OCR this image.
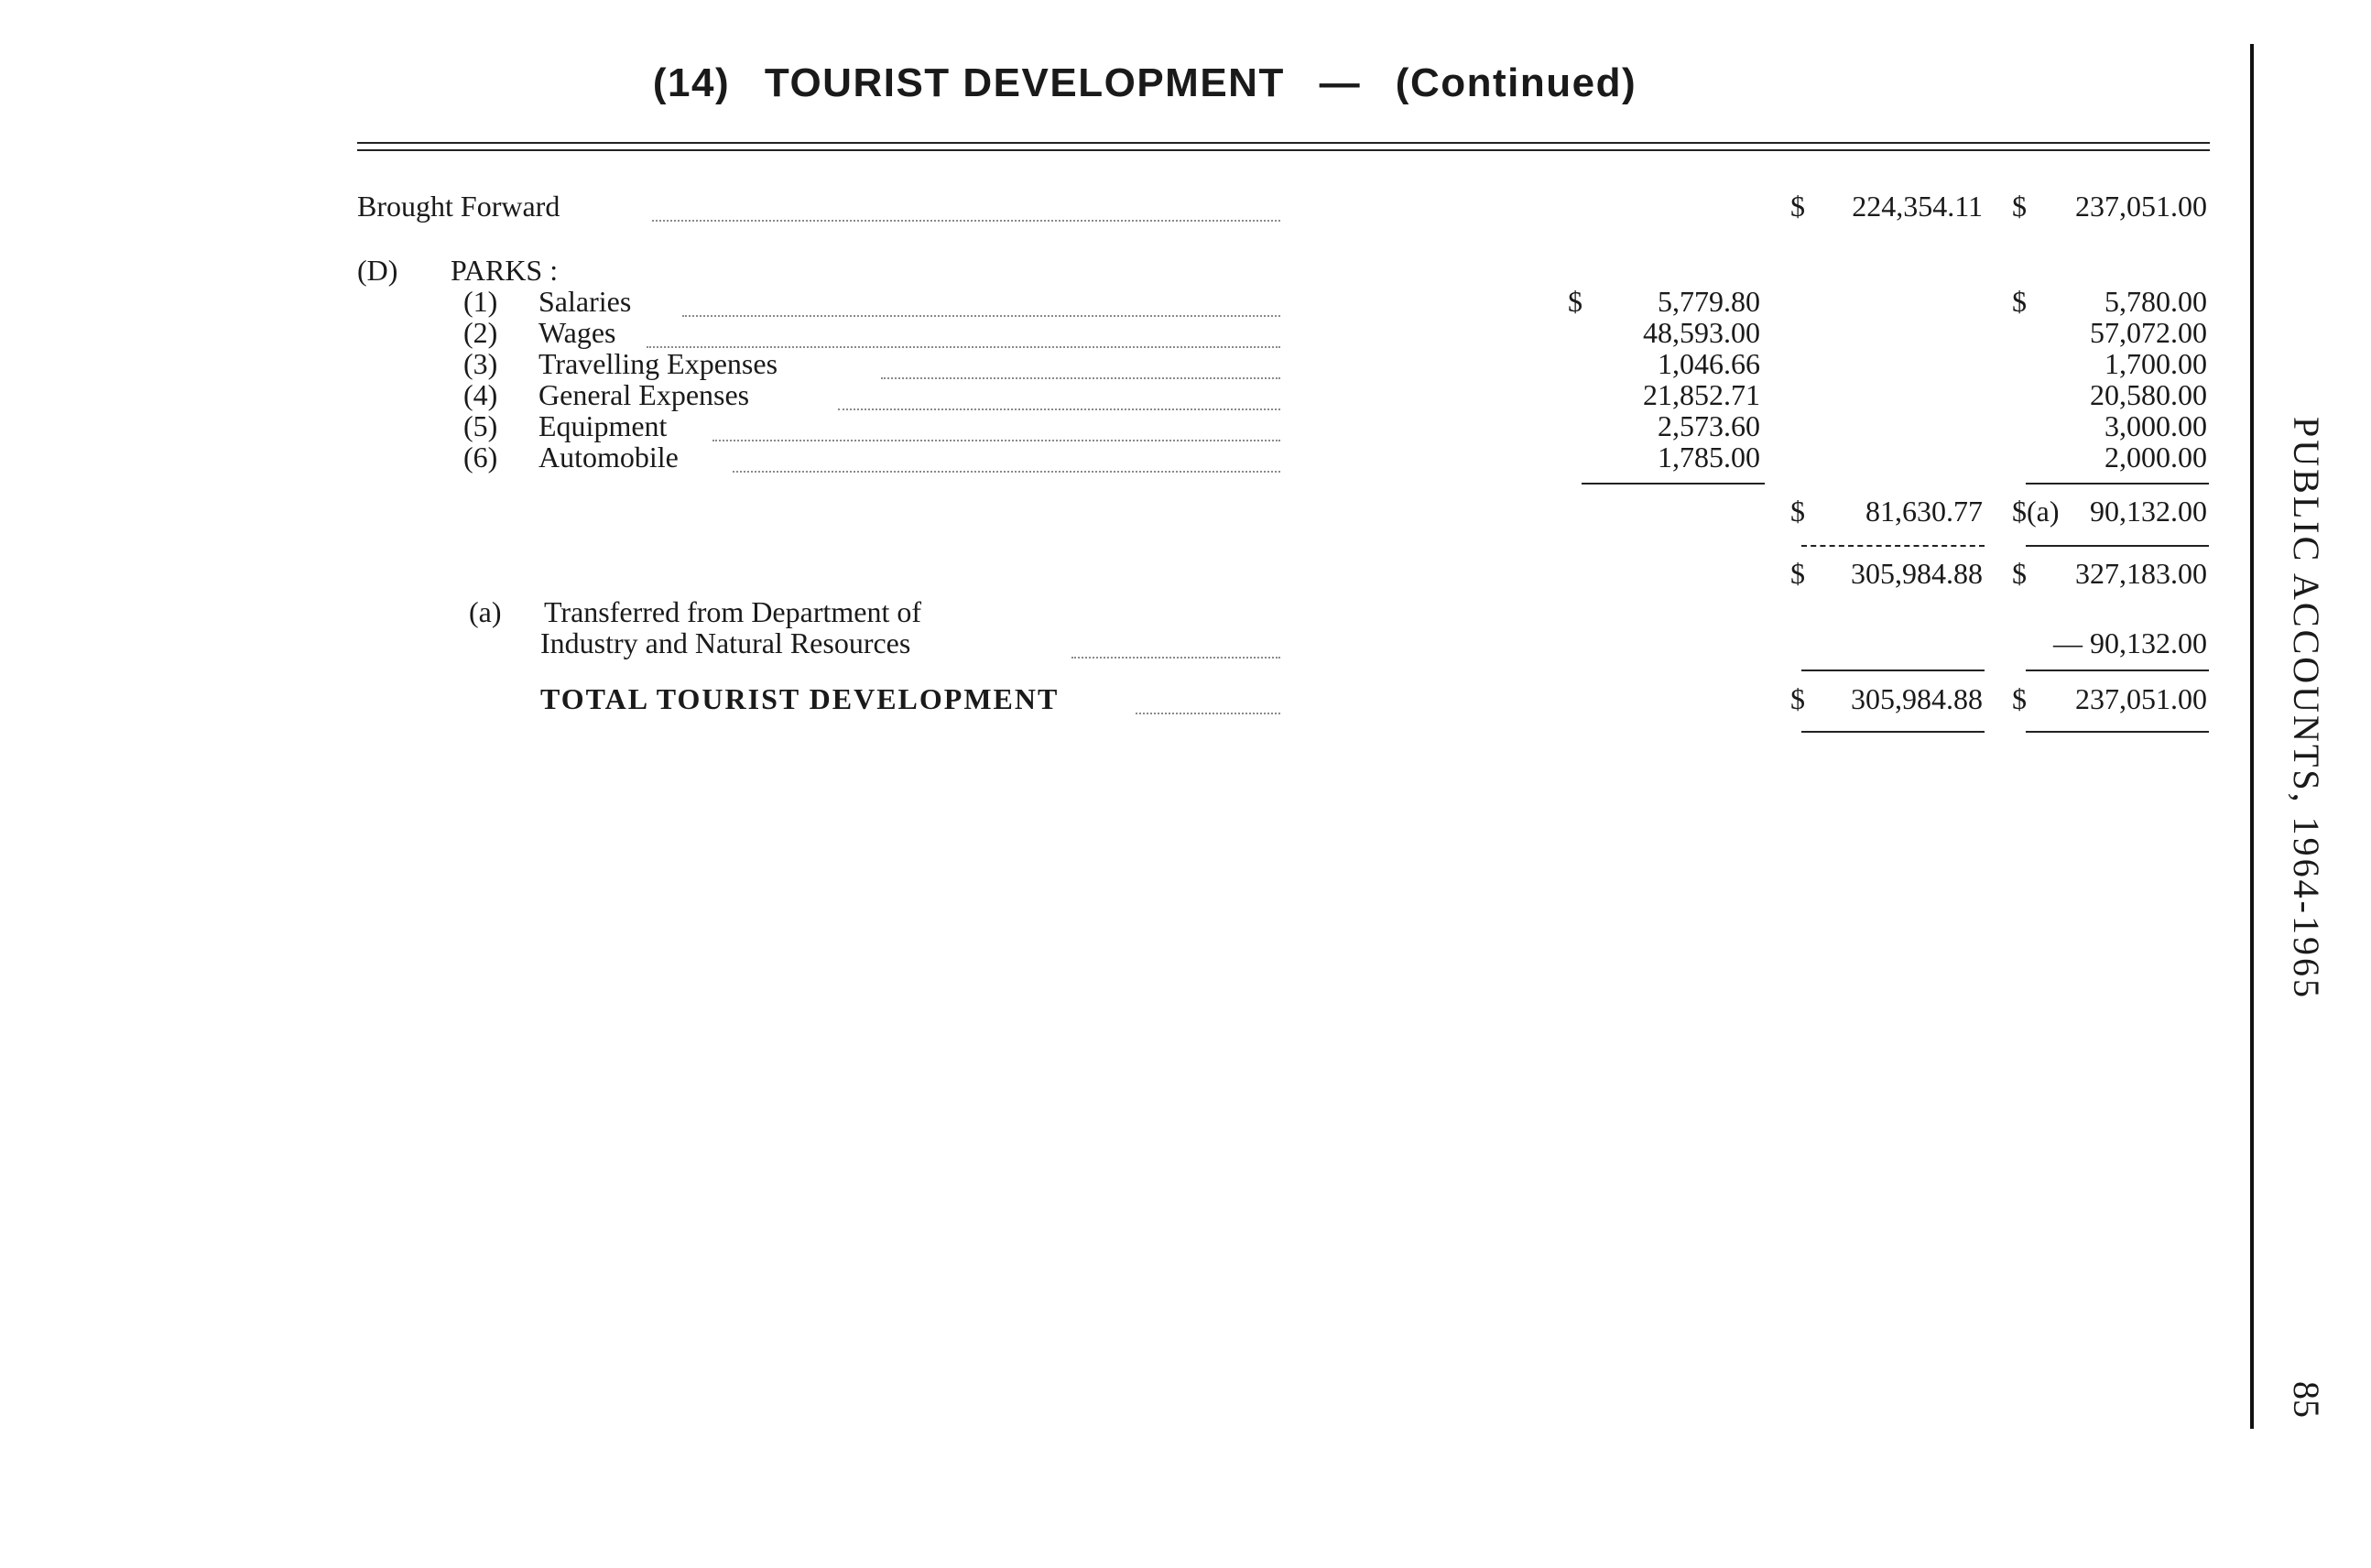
(14) TOURIST DEVELOPMENT — (Continued)
PUBLIC ACCOUNTS, 1964-1965
85
Brought Forward	$	224,354.11 $	237,051.00
(D) PARKS :
(1) Salaries	$	5,779.80	$	5,780.00
(2) Wages	48,593.00	57,072.00
(3) Travelling Expenses	1,046.66	1,700.00
(4) General Expenses	21,852.71	20,580.00
(5) Equipment	2,573.60	3,000.00
(6) Automobile	1,785.00	2,000.00
$	81,630.77 $(a)	90,132.00
$	305,984.88 $	327,183.00
(a) Transferred from Department of
Industry and Natural Resources	— 90,132.00
TOTAL TOURIST DEVELOPMENT	$	305,984.88 $	237,051.00
